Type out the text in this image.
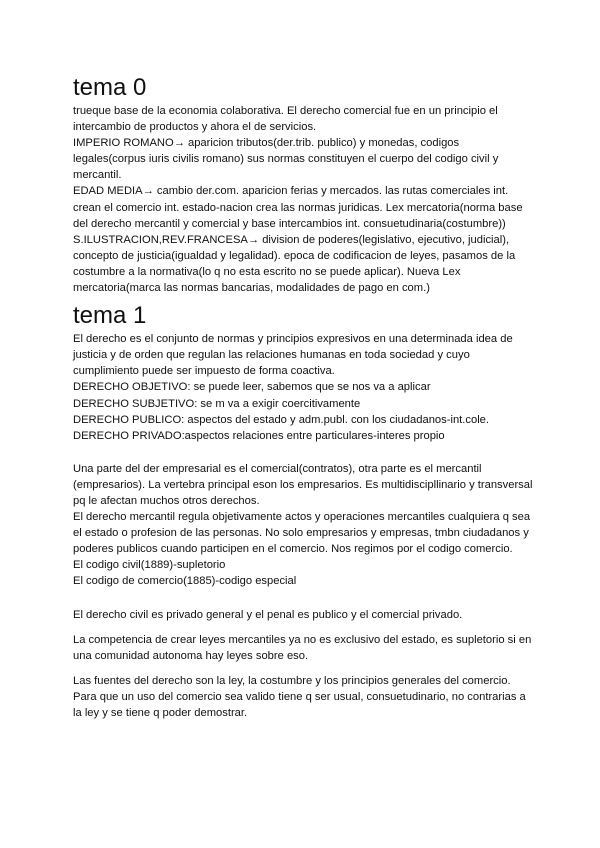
tema 0

trueque base de la economia colaborativa. El derecho comercial fue en un principio el intercambio de productos y ahora el de servicios.

IMPERIO ROMANO→ aparicion tributos(der.trib. publico) y monedas, codigos legales(corpus iuris civilis romano) sus normas constituyen el cuerpo del codigo civil y mercantil.

EDAD MEDIA→ cambio der.com. aparicion ferias y mercados. las rutas comerciales int. crean el comercio int. estado-nacion crea las normas juridicas. Lex mercatoria(norma base del derecho mercantil y comercial y base intercambios int. consuetudinaria(costumbre))

S.ILUSTRACION,REV.FRANCESA→ division de poderes(legislativo, ejecutivo, judicial), concepto de justicia(igualdad y legalidad). epoca de codificacion de leyes, pasamos de la costumbre a la normativa(lo q no esta escrito no se puede aplicar). Nueva Lex mercatoria(marca las normas bancarias, modalidades de pago en com.)

tema 1

El derecho es el conjunto de normas y principios expresivos en una determinada idea de justicia y de orden que regulan las relaciones humanas en toda sociedad y cuyo cumplimiento puede ser impuesto de forma coactiva.

DERECHO OBJETIVO: se puede leer, sabemos que se nos va a aplicar

DERECHO SUBJETIVO: se m va a exigir coercitivamente

DERECHO PUBLICO: aspectos del estado y adm.publ. con los ciudadanos-int.cole.

DERECHO PRIVADO:aspectos relaciones entre particulares-interes propio

Una parte del der empresarial es el comercial(contratos), otra parte es el mercantil (empresarios). La vertebra principal eson los empresarios. Es multidiscipllinario y transversal pq le afectan muchos otros derechos.

El derecho mercantil regula objetivamente actos y operaciones mercantiles cualquiera q sea el estado o profesion de las personas. No solo empresarios y empresas, tmbn ciudadanos y poderes publicos cuando participen en el comercio. Nos regimos por el codigo comercio.

El codigo civil(1889)-supletorio

El codigo de comercio(1885)-codigo especial

El derecho civil es privado general y el penal es publico y el comercial privado.

La competencia de crear leyes mercantiles ya no es exclusivo del estado, es supletorio si en una comunidad autonoma hay leyes sobre eso.

Las fuentes del derecho son la ley, la costumbre y los principios generales del comercio. Para que un uso del comercio sea valido tiene q ser usual, consuetudinario, no contrarias a la ley y se tiene q poder demostrar.
